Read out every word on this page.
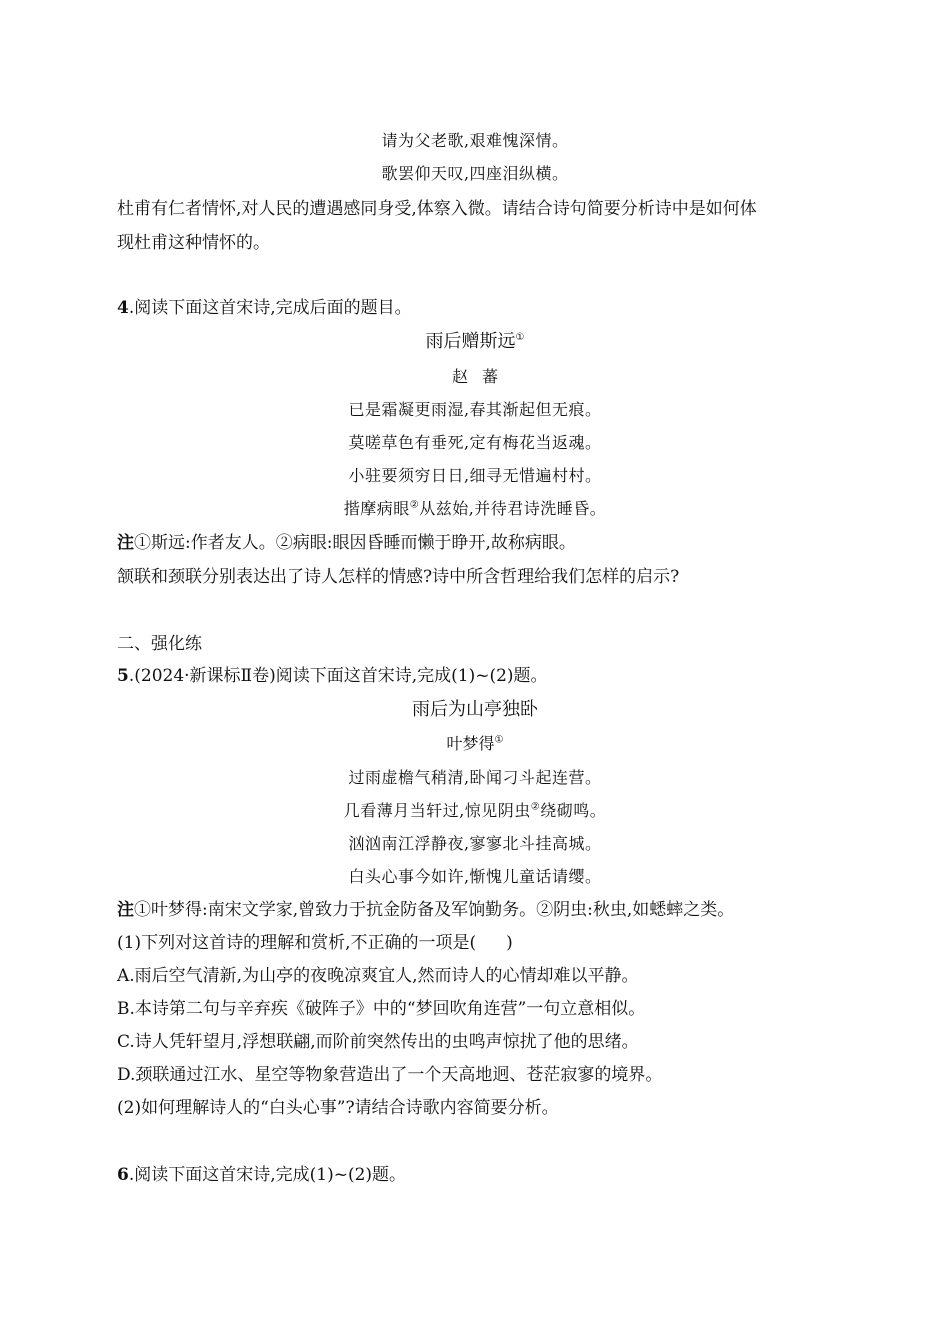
请为父老歌,艰难愧深情。
歌罢仰天叹,四座泪纵横。
杜甫有仁者情怀,对人民的遭遇感同身受,体察入微。请结合诗句简要分析诗中是如何体
现杜甫这种情怀的。
4.阅读下面这首宋诗,完成后面的题目。
雨后赠斯远①
赵蕃
已是霜凝更雨湿,春其渐起但无痕。
莫嗟草色有垂死,定有梅花当返魂。
小驻要须穷日日,细寻无惜遍村村。
揩摩病眼②从兹始,并待君诗洗睡昏。
注①斯远:作者友人。②病眼:眼因昏睡而懒于睁开,故称病眼。
颔联和颈联分别表达出了诗人怎样的情感?诗中所含哲理给我们怎样的启示?
二、强化练
5.(2024·新课标Ⅱ卷)阅读下面这首宋诗,完成(1)~(2)题。
雨后为山亭独卧
叶梦得①
过雨虚檐气稍清,卧闻刁斗起连营。
几看薄月当轩过,惊见阴虫②绕砌鸣。
汹汹南江浮静夜,寥寥北斗挂高城。
白头心事今如许,惭愧儿童话请缨。
注①叶梦得:南宋文学家,曾致力于抗金防备及军饷勤务。②阴虫:秋虫,如蟋蟀之类。
(1)下列对这首诗的理解和赏析,不正确的一项是( )
A.雨后空气清新,为山亭的夜晚凉爽宜人,然而诗人的心情却难以平静。
B.本诗第二句与辛弃疾《破阵子》中的“梦回吹角连营”一句立意相似。
C.诗人凭轩望月,浮想联翩,而阶前突然传出的虫鸣声惊扰了他的思绪。
D.颈联通过江水、星空等物象营造出了一个天高地迥、苍茫寂寥的境界。
(2)如何理解诗人的“白头心事”?请结合诗歌内容简要分析。
6.阅读下面这首宋诗,完成(1)~(2)题。
